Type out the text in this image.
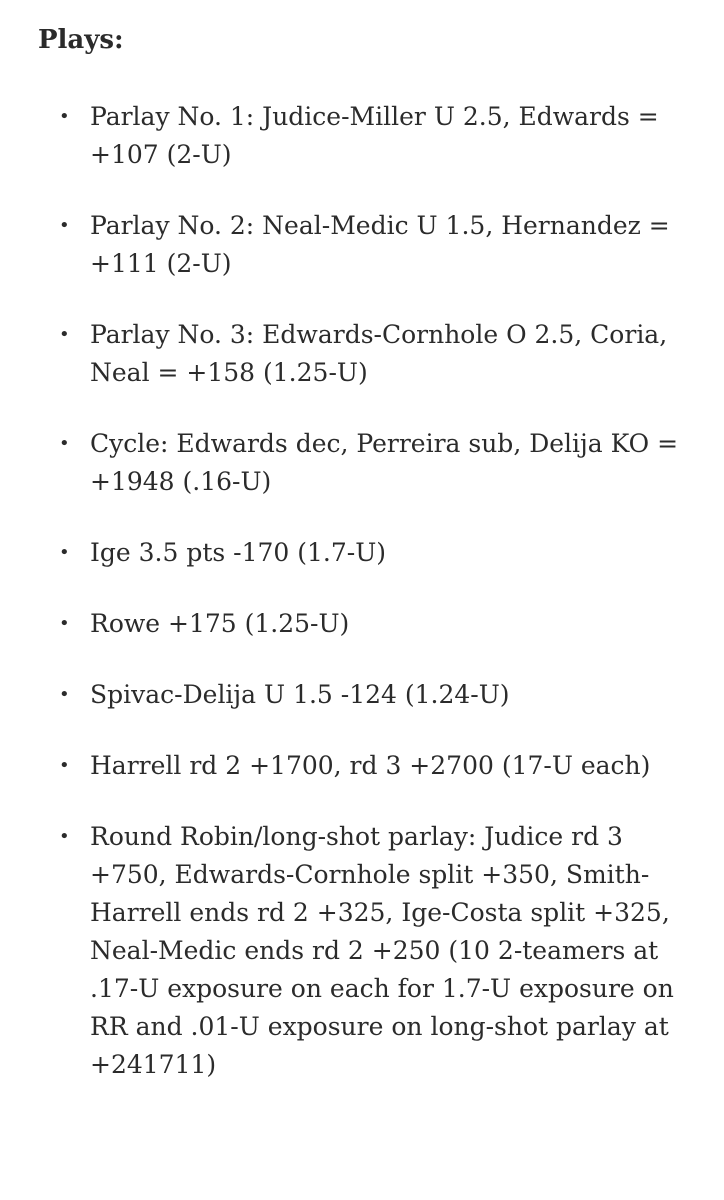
Plays:
• Parlay No. 1: Judice-Miller U 2.5, Edwards = +107 (2-U)
• Parlay No. 2: Neal-Medic U 1.5, Hernandez = +111 (2-U)
• Parlay No. 3: Edwards-Cornhole O 2.5, Coria, Neal = +158 (1.25-U)
• Cycle: Edwards dec, Perreira sub, Delija KO = +1948 (.16-U)
• Ige 3.5 pts -170 (1.7-U)
• Rowe +175 (1.25-U)
• Spivac-Delija U 1.5 -124 (1.24-U)
• Harrell rd 2 +1700, rd 3 +2700 (17-U each)
• Round Robin/long-shot parlay: Judice rd 3 +750, Edwards-Cornhole split +350, Smith-Harrell ends rd 2 +325, Ige-Costa split +325, Neal-Medic ends rd 2 +250 (10 2-teamers at .17-U exposure on each for 1.7-U exposure on RR and .01-U exposure on long-shot parlay at +241711)
